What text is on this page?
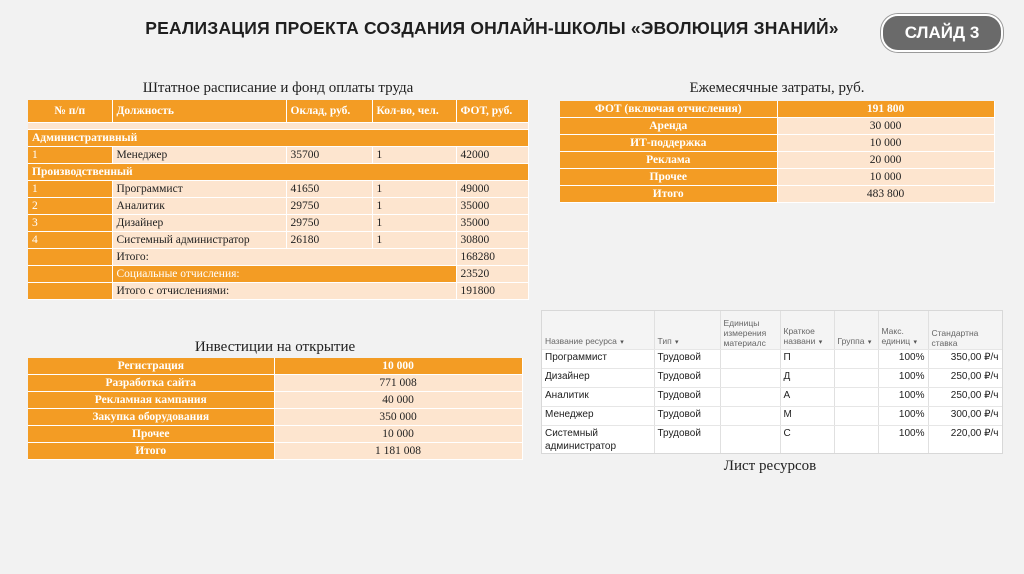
РЕАЛИЗАЦИЯ ПРОЕКТА СОЗДАНИЯ ОНЛАЙН-ШКОЛЫ «ЭВОЛЮЦИЯ ЗНАНИЙ»	СЛАЙД 3
Штатное расписание и фонд оплаты труда
№ п/п	Должность	Оклад, руб.	Кол-во, чел.	ФОТ, руб.

Административный				
1	Менеджер	35700	1	42000
Производственный				
1	Программист	41650	1	49000
2	Аналитик	29750	1	35000
3	Дизайнер	29750	1	35000
4	Системный администратор	26180	1	30800
	Итого:			168280
	Социальные отчисления:			23520
	Итого с отчислениями:			191800
Ежемесячные затраты, руб.
ФОТ (включая отчисления)	191 800
Аренда	30 000
ИТ-поддержка	10 000
Реклама	20 000
Прочее	10 000
Итого	483 800
Инвестиции на открытие
Регистрация	10 000
Разработка сайта	771 008
Рекламная кампания	40 000
Закупка оборудования	350 000
Прочее	10 000
Итого	1 181 008
Название ресурса ▾	Тип ▾	Единицы измерения материалс	Краткое названи ▾	Группа ▾	Макс. единиц ▾	Стандартна ставка
Программист	Трудовой		П		100%	350,00 ₽/ч
Дизайнер	Трудовой		Д		100%	250,00 ₽/ч
Аналитик	Трудовой		А		100%	250,00 ₽/ч
Менеджер	Трудовой		М		100%	300,00 ₽/ч
Системный администратор	Трудовой		С		100%	220,00 ₽/ч
Лист ресурсов
